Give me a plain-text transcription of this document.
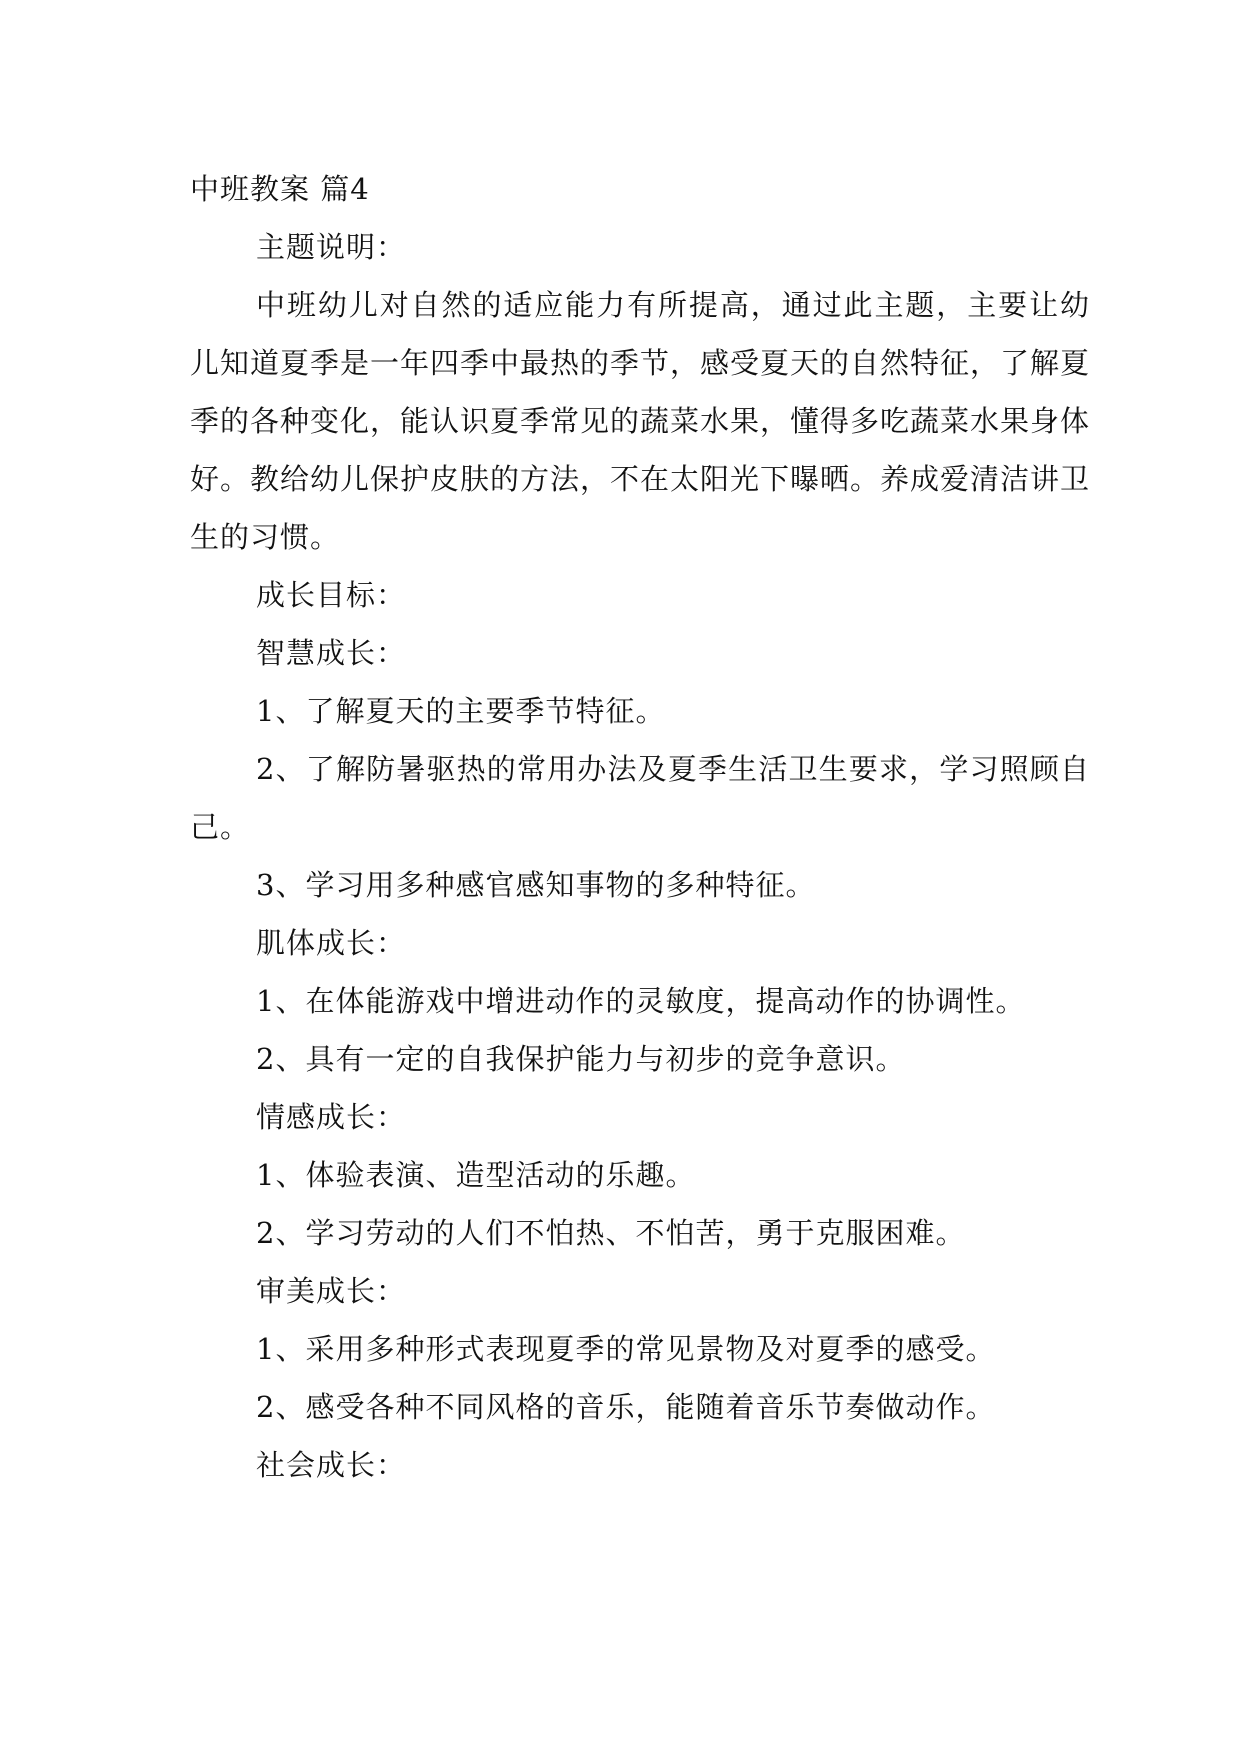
中班教案 篇4

主题说明：

中班幼儿对自然的适应能力有所提高，通过此主题，主要让幼儿知道夏季是一年四季中最热的季节，感受夏天的自然特征，了解夏季的各种变化，能认识夏季常见的蔬菜水果，懂得多吃蔬菜水果身体好。教给幼儿保护皮肤的方法，不在太阳光下曝晒。养成爱清洁讲卫生的习惯。

成长目标：

智慧成长：

1、了解夏天的主要季节特征。

2、了解防暑驱热的常用办法及夏季生活卫生要求，学习照顾自己。

3、学习用多种感官感知事物的多种特征。

肌体成长：

1、在体能游戏中增进动作的灵敏度，提高动作的协调性。

2、具有一定的自我保护能力与初步的竞争意识。

情感成长：

1、体验表演、造型活动的乐趣。

2、学习劳动的人们不怕热、不怕苦，勇于克服困难。

审美成长：

1、采用多种形式表现夏季的常见景物及对夏季的感受。

2、感受各种不同风格的音乐，能随着音乐节奏做动作。

社会成长：
